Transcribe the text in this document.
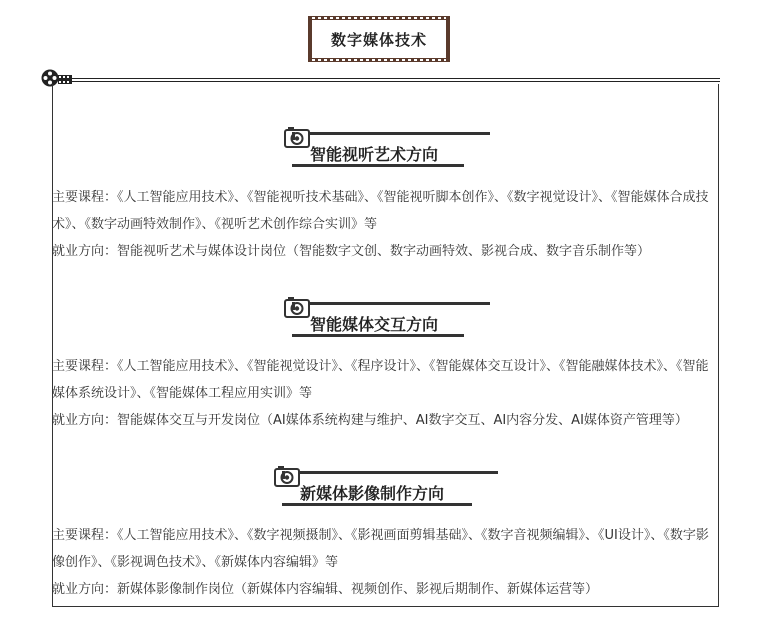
数字媒体技术
智能视听艺术方向

主要课程：《人工智能应用技术》、《智能视听技术基础》、《智能视听脚本创作》、《数字视觉设计》、《智能媒体合成技术》、《数字动画特效制作》、《视听艺术创作综合实训》等

就业方向：智能视听艺术与媒体设计岗位（智能数字文创、数字动画特效、影视合成、数字音乐制作等）

智能媒体交互方向

主要课程：《人工智能应用技术》、《智能视觉设计》、《程序设计》、《智能媒体交互设计》、《智能融媒体技术》、《智能媒体系统设计》、《智能媒体工程应用实训》等

就业方向：智能媒体交互与开发岗位（AI媒体系统构建与维护、AI数字交互、AI内容分发、AI媒体资产管理等）

新媒体影像制作方向

主要课程：《人工智能应用技术》、《数字视频摄制》、《影视画面剪辑基础》、《数字音视频编辑》、《UI设计》、《数字影像创作》、《影视调色技术》、《新媒体内容编辑》等

就业方向：新媒体影像制作岗位（新媒体内容编辑、视频创作、影视后期制作、新媒体运营等）
